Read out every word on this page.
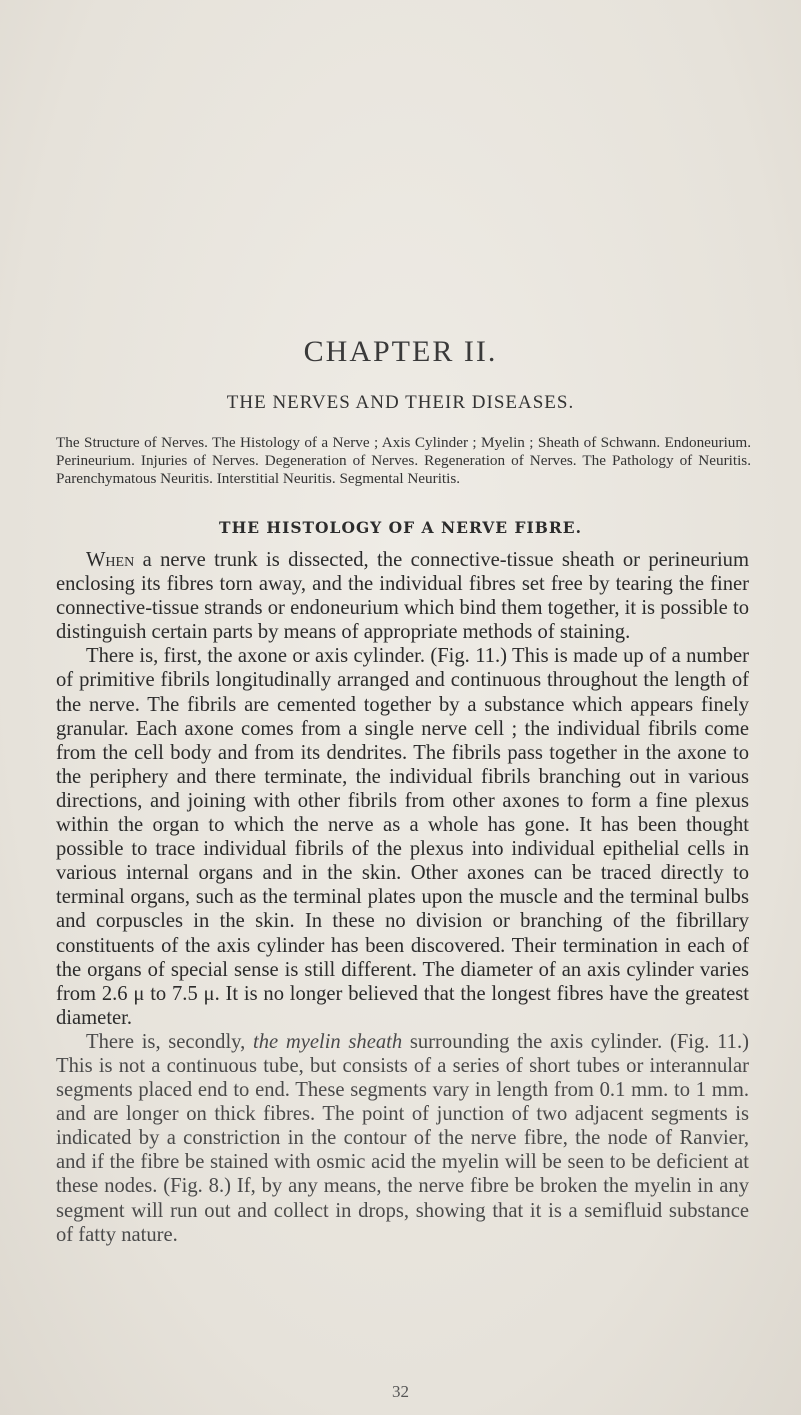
CHAPTER II.
THE NERVES AND THEIR DISEASES.
The Structure of Nerves. The Histology of a Nerve ; Axis Cylinder ; Myelin ; Sheath of Schwann. Endoneurium. Perineurium. Injuries of Nerves. Degeneration of Nerves. Regeneration of Nerves. The Pathology of Neuritis. Parenchymatous Neuritis. Interstitial Neuritis. Segmental Neuritis.
THE HISTOLOGY OF A NERVE FIBRE.

When a nerve trunk is dissected, the connective-tissue sheath or perineurium enclosing its fibres torn away, and the individual fibres set free by tearing the finer connective-tissue strands or endoneurium which bind them together, it is possible to distinguish certain parts by means of appropriate methods of staining.

There is, first, the axone or axis cylinder. (Fig. 11.) This is made up of a number of primitive fibrils longitudinally arranged and continuous throughout the length of the nerve. The fibrils are cemented together by a substance which appears finely granular. Each axone comes from a single nerve cell ; the individual fibrils come from the cell body and from its dendrites. The fibrils pass together in the axone to the periphery and there terminate, the individual fibrils branching out in various directions, and joining with other fibrils from other axones to form a fine plexus within the organ to which the nerve as a whole has gone. It has been thought possible to trace individual fibrils of the plexus into individual epithelial cells in various internal organs and in the skin. Other axones can be traced directly to terminal organs, such as the terminal plates upon the muscle and the terminal bulbs and corpuscles in the skin. In these no division or branching of the fibrillary constituents of the axis cylinder has been discovered. Their termination in each of the organs of special sense is still different. The diameter of an axis cylinder varies from 2.6 μ to 7.5 μ. It is no longer believed that the longest fibres have the greatest diameter.

There is, secondly, the myelin sheath surrounding the axis cylinder. (Fig. 11.) This is not a continuous tube, but consists of a series of short tubes or interannular segments placed end to end. These segments vary in length from 0.1 mm. to 1 mm. and are longer on thick fibres. The point of junction of two adjacent segments is indicated by a constriction in the contour of the nerve fibre, the node of Ranvier, and if the fibre be stained with osmic acid the myelin will be seen to be deficient at these nodes. (Fig. 8.) If, by any means, the nerve fibre be broken the myelin in any segment will run out and collect in drops, showing that it is a semifluid substance of fatty nature.

32
